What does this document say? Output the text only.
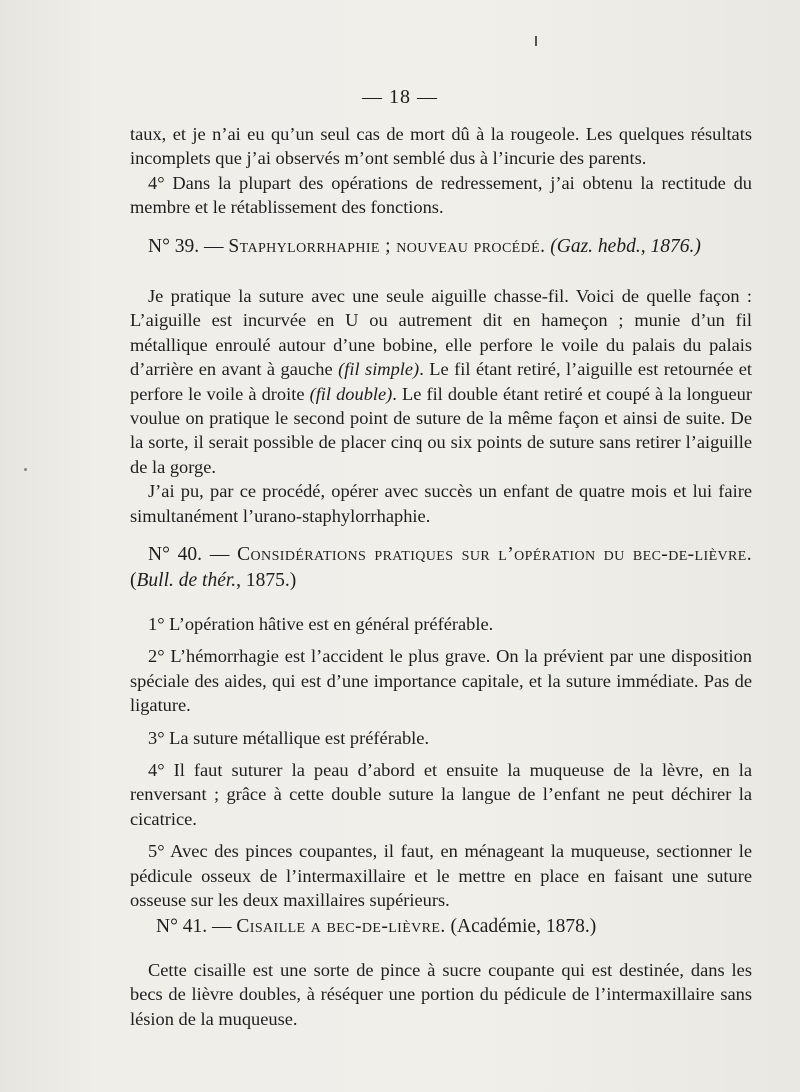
— 18 —

taux, et je n’ai eu qu’un seul cas de mort dû à la rougeole. Les quelques résultats incomplets que j’ai observés m’ont semblé dus à l’incurie des parents.

4° Dans la plupart des opérations de redressement, j’ai obtenu la rectitude du membre et le rétablissement des fonctions.

N° 39. — Staphylorrhaphie ; nouveau procédé. (Gaz. hebd., 1876.)

Je pratique la suture avec une seule aiguille chasse-fil. Voici de quelle façon : L’aiguille est incurvée en U ou autrement dit en hameçon ; munie d’un fil métallique enroulé autour d’une bobine, elle perfore le voile du palais du palais d’arrière en avant à gauche (fil simple). Le fil étant retiré, l’aiguille est retournée et perfore le voile à droite (fil double). Le fil double étant retiré et coupé à la longueur voulue on pratique le second point de suture de la même façon et ainsi de suite. De la sorte, il serait possible de placer cinq ou six points de suture sans retirer l’aiguille de la gorge.

J’ai pu, par ce procédé, opérer avec succès un enfant de quatre mois et lui faire simultanément l’urano-staphylorrhaphie.

N° 40. — Considérations pratiques sur l’opération du bec-de-lièvre. (Bull. de thér., 1875.)

1° L’opération hâtive est en général préférable.

2° L’hémorrhagie est l’accident le plus grave. On la prévient par une disposition spéciale des aides, qui est d’une importance capitale, et la suture immédiate. Pas de ligature.

3° La suture métallique est préférable.

4° Il faut suturer la peau d’abord et ensuite la muqueuse de la lèvre, en la renversant ; grâce à cette double suture la langue de l’enfant ne peut déchirer la cicatrice.

5° Avec des pinces coupantes, il faut, en ménageant la muqueuse, sectionner le pédicule osseux de l’intermaxillaire et le mettre en place en faisant une suture osseuse sur les deux maxillaires supérieurs.

N° 41. — Cisaille a bec-de-lièvre. (Académie, 1878.)

Cette cisaille est une sorte de pince à sucre coupante qui est destinée, dans les becs de lièvre doubles, à réséquer une portion du pédicule de l’intermaxillaire sans lésion de la muqueuse.
